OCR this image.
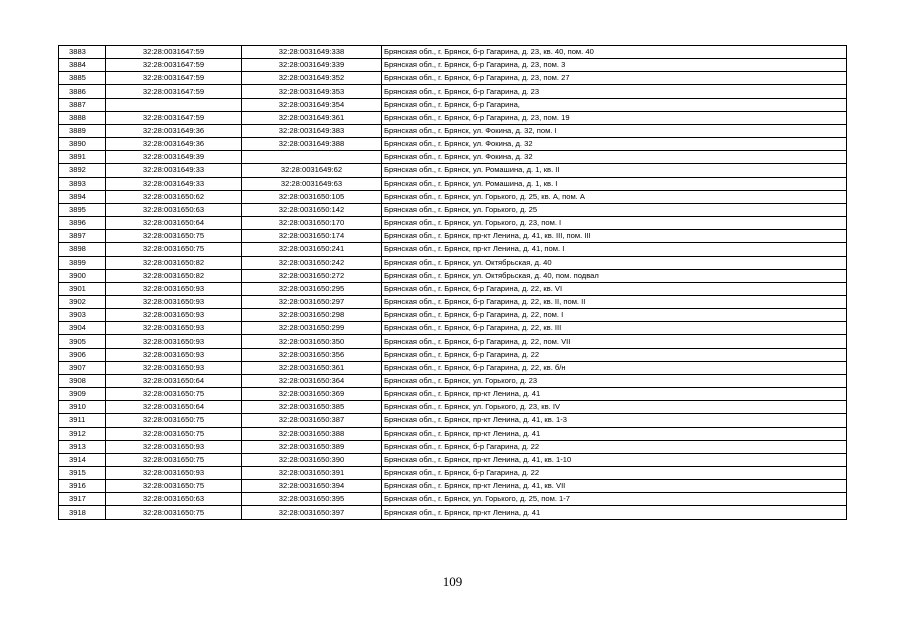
3883	32:28:0031647:59	32:28:0031649:338	Брянская обл., г. Брянск, б-р Гагарина, д. 23, кв. 40, пом. 40
3884	32:28:0031647:59	32:28:0031649:339	Брянская обл., г. Брянск, б-р Гагарина, д. 23, пом. 3
3885	32:28:0031647:59	32:28:0031649:352	Брянская обл., г. Брянск, б-р Гагарина, д. 23, пом. 27
3886	32:28:0031647:59	32:28:0031649:353	Брянская обл., г. Брянск, б-р Гагарина, д. 23
3887		32:28:0031649:354	Брянская обл., г. Брянск, б-р Гагарина,
3888	32:28:0031647:59	32:28:0031649:361	Брянская обл., г. Брянск, б-р Гагарина, д. 23, пом. 19
3889	32:28:0031649:36	32:28:0031649:383	Брянская обл., г. Брянск, ул. Фокина, д. 32, пом. I
3890	32:28:0031649:36	32:28:0031649:388	Брянская обл., г. Брянск, ул. Фокина, д. 32
3891	32:28:0031649:39		Брянская обл., г. Брянск, ул. Фокина, д. 32
3892	32:28:0031649:33	32:28:0031649:62	Брянская обл., г. Брянск, ул. Ромашина, д. 1, кв. II
3893	32:28:0031649:33	32:28:0031649:63	Брянская обл., г. Брянск, ул. Ромашина, д. 1, кв. I
3894	32:28:0031650:62	32:28:0031650:105	Брянская обл., г. Брянск, ул. Горького, д. 25, кв. А, пом. А
3895	32:28:0031650:63	32:28:0031650:142	Брянская обл., г. Брянск, ул. Горького, д. 25
3896	32:28:0031650:64	32:28:0031650:170	Брянская обл., г. Брянск, ул. Горького, д. 23, пом. I
3897	32:28:0031650:75	32:28:0031650:174	Брянская обл., г. Брянск, пр-кт Ленина, д. 41, кв. III, пом. III
3898	32:28:0031650:75	32:28:0031650:241	Брянская обл., г. Брянск, пр-кт Ленина, д. 41, пом. I
3899	32:28:0031650:82	32:28:0031650:242	Брянская обл., г. Брянск, ул. Октябрьская, д. 40
3900	32:28:0031650:82	32:28:0031650:272	Брянская обл., г. Брянск, ул. Октябрьская, д. 40, пом. подвал
3901	32:28:0031650:93	32:28:0031650:295	Брянская обл., г. Брянск, б-р Гагарина, д. 22, кв. VI
3902	32:28:0031650:93	32:28:0031650:297	Брянская обл., г. Брянск, б-р Гагарина, д. 22, кв. II, пом. II
3903	32:28:0031650:93	32:28:0031650:298	Брянская обл., г. Брянск, б-р Гагарина, д. 22, пом. I
3904	32:28:0031650:93	32:28:0031650:299	Брянская обл., г. Брянск, б-р Гагарина, д. 22, кв. III
3905	32:28:0031650:93	32:28:0031650:350	Брянская обл., г. Брянск, б-р Гагарина, д. 22, пом. VII
3906	32:28:0031650:93	32:28:0031650:356	Брянская обл., г. Брянск, б-р Гагарина, д. 22
3907	32:28:0031650:93	32:28:0031650:361	Брянская обл., г. Брянск, б-р Гагарина, д. 22, кв. б/н
3908	32:28:0031650:64	32:28:0031650:364	Брянская обл., г. Брянск, ул. Горького, д. 23
3909	32:28:0031650:75	32:28:0031650:369	Брянская обл., г. Брянск, пр-кт Ленина, д. 41
3910	32:28:0031650:64	32:28:0031650:385	Брянская обл., г. Брянск, ул. Горького, д. 23, кв. IV
3911	32:28:0031650:75	32:28:0031650:387	Брянская обл., г. Брянск, пр-кт Ленина, д. 41, кв. 1-3
3912	32:28:0031650:75	32:28:0031650:388	Брянская обл., г. Брянск, пр-кт Ленина, д. 41
3913	32:28:0031650:93	32:28:0031650:389	Брянская обл., г. Брянск, б-р Гагарина, д. 22
3914	32:28:0031650:75	32:28:0031650:390	Брянская обл., г. Брянск, пр-кт Ленина, д. 41, кв. 1-10
3915	32:28:0031650:93	32:28:0031650:391	Брянская обл., г. Брянск, б-р Гагарина, д. 22
3916	32:28:0031650:75	32:28:0031650:394	Брянская обл., г. Брянск, пр-кт Ленина, д. 41, кв. VII
3917	32:28:0031650:63	32:28:0031650:395	Брянская обл., г. Брянск, ул. Горького, д. 25, пом. 1-7
3918	32:28:0031650:75	32:28:0031650:397	Брянская обл., г. Брянск, пр-кт Ленина, д. 41
109
